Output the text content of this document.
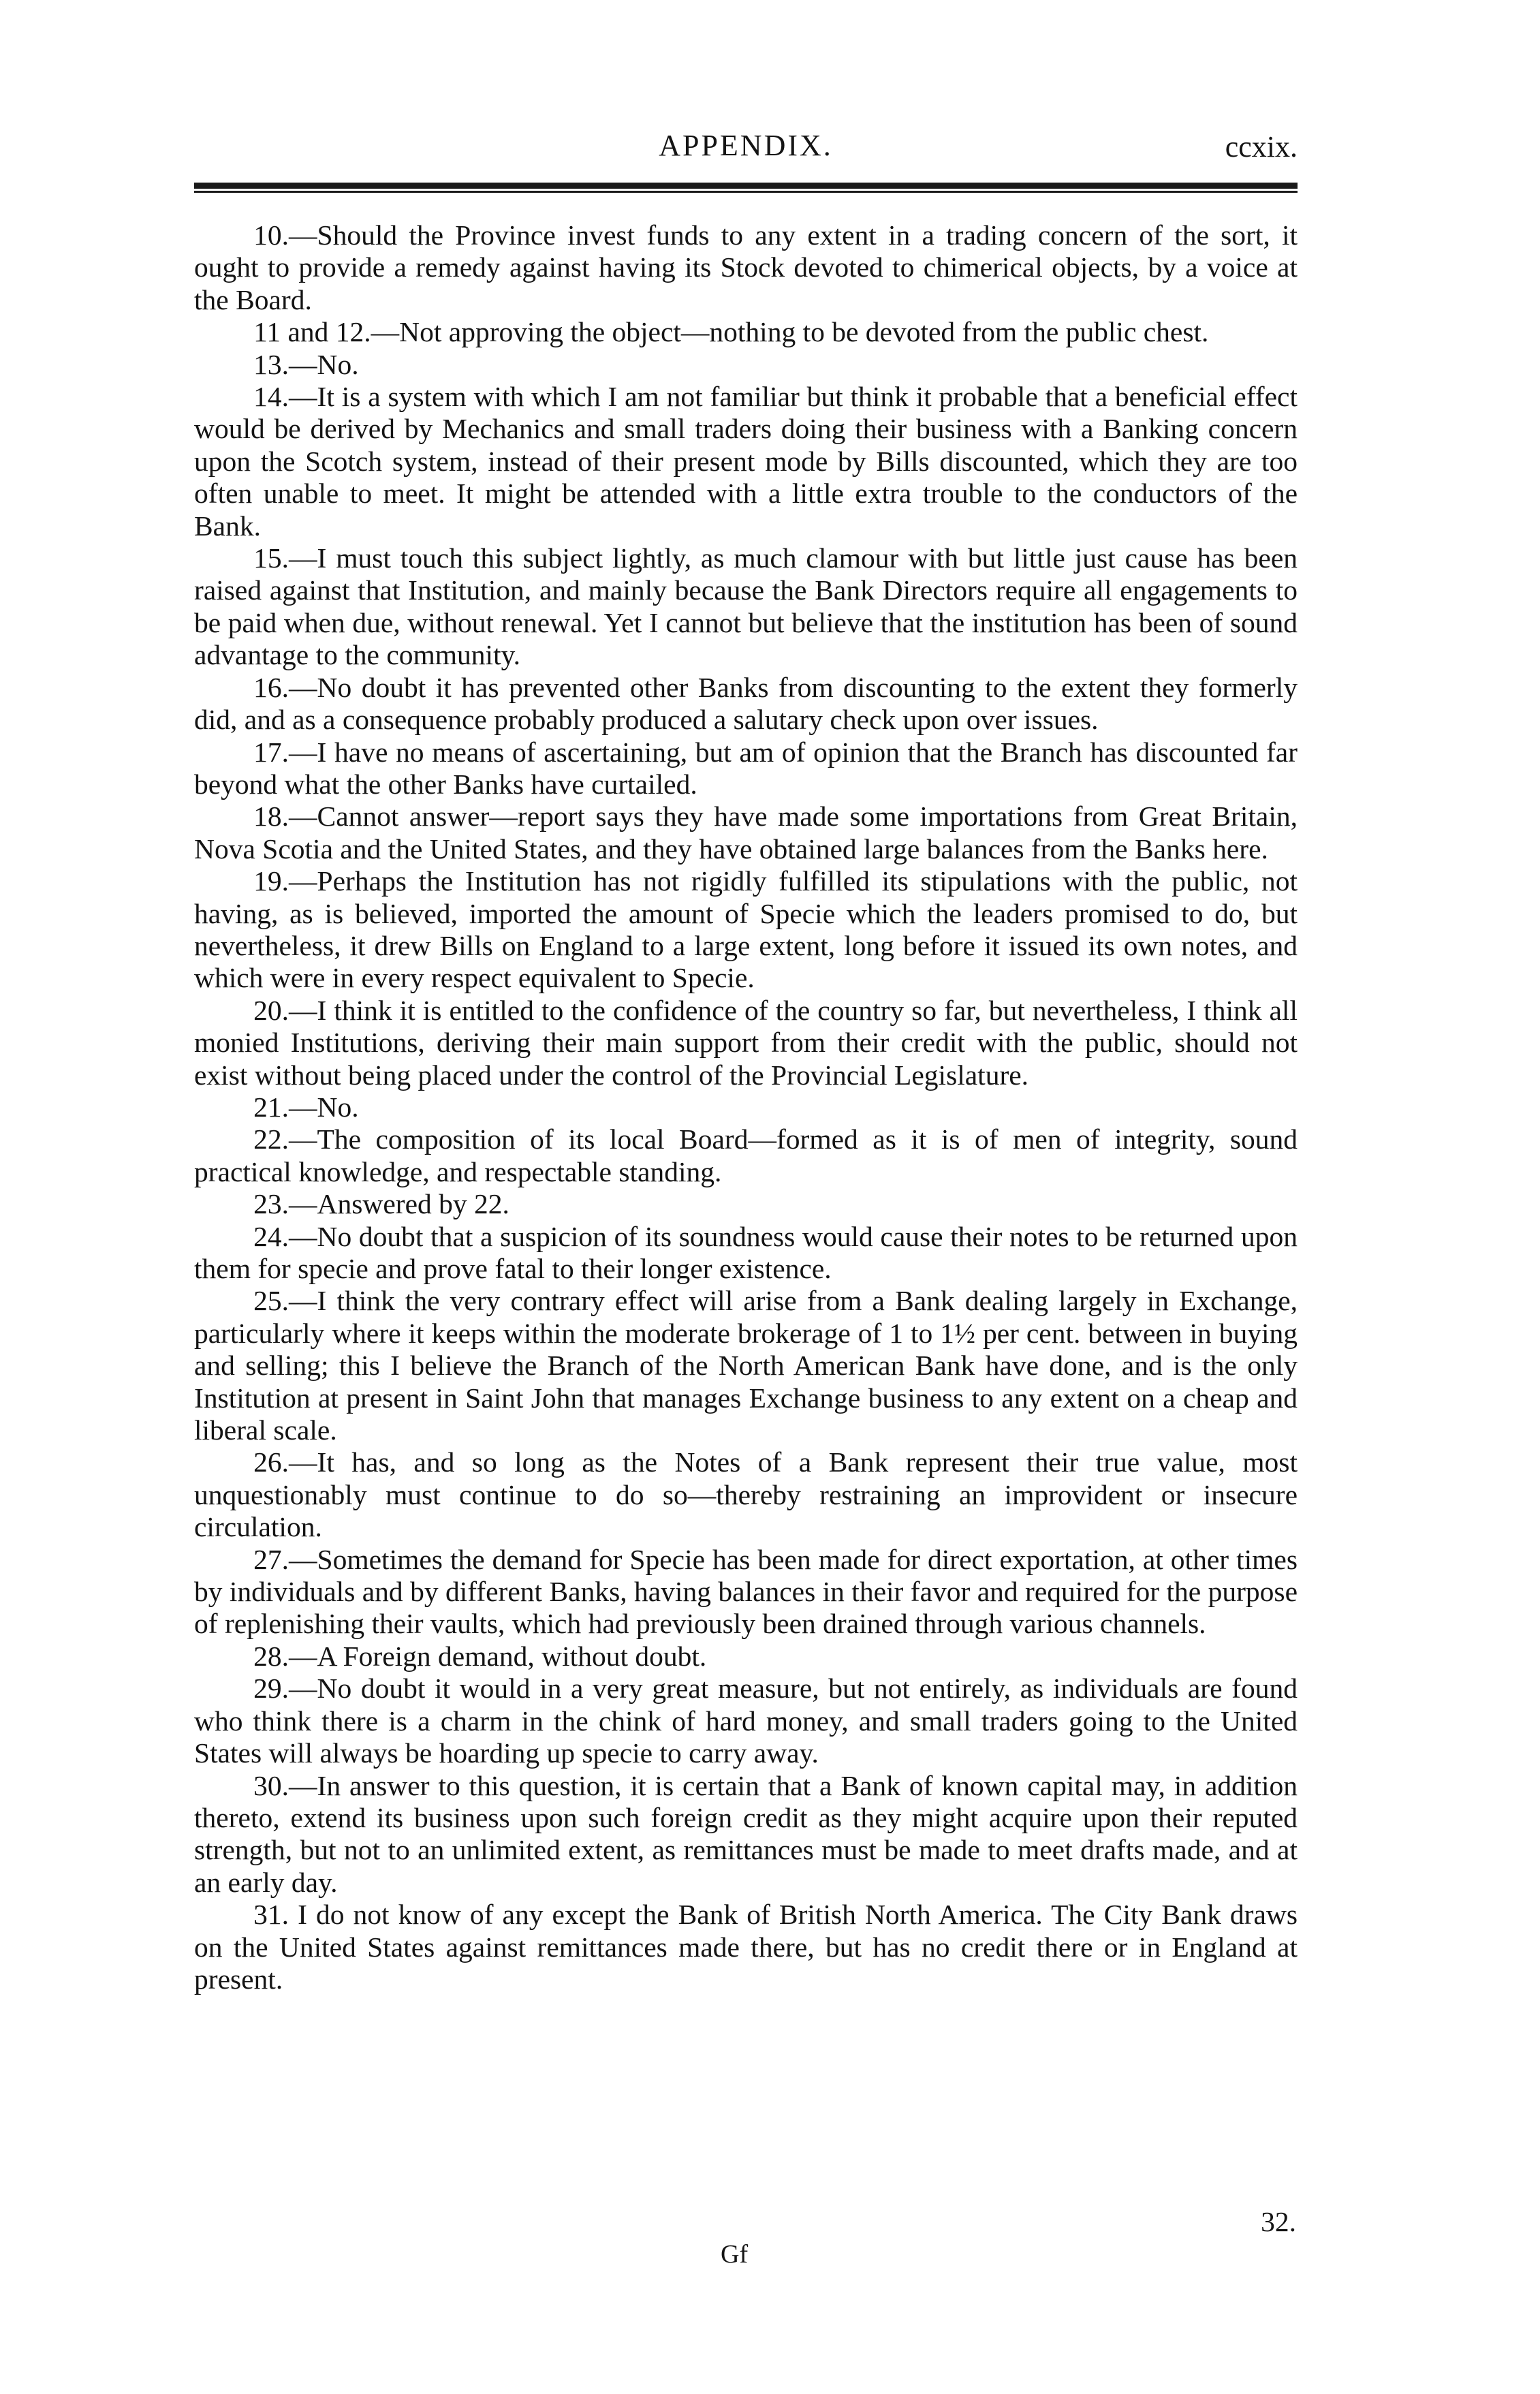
APPENDIX.	ccxix.

10.—Should the Province invest funds to any extent in a trading concern of the sort, it ought to provide a remedy against having its Stock devoted to chimerical objects, by a voice at the Board.

11 and 12.—Not approving the object—nothing to be devoted from the public chest.

13.—No.

14.—It is a system with which I am not familiar but think it probable that a beneficial effect would be derived by Mechanics and small traders doing their business with a Banking concern upon the Scotch system, instead of their present mode by Bills discounted, which they are too often unable to meet. It might be attended with a little extra trouble to the conductors of the Bank.

15.—I must touch this subject lightly, as much clamour with but little just cause has been raised against that Institution, and mainly because the Bank Directors require all engagements to be paid when due, without renewal. Yet I cannot but believe that the institution has been of sound advantage to the community.

16.—No doubt it has prevented other Banks from discounting to the extent they formerly did, and as a consequence probably produced a salutary check upon over issues.

17.—I have no means of ascertaining, but am of opinion that the Branch has discounted far beyond what the other Banks have curtailed.

18.—Cannot answer—report says they have made some importations from Great Britain, Nova Scotia and the United States, and they have obtained large balances from the Banks here.

19.—Perhaps the Institution has not rigidly fulfilled its stipulations with the public, not having, as is believed, imported the amount of Specie which the leaders promised to do, but nevertheless, it drew Bills on England to a large extent, long before it issued its own notes, and which were in every respect equivalent to Specie.

20.—I think it is entitled to the confidence of the country so far, but nevertheless, I think all monied Institutions, deriving their main support from their credit with the public, should not exist without being placed under the control of the Provincial Legislature.

21.—No.

22.—The composition of its local Board—formed as it is of men of integrity, sound practical knowledge, and respectable standing.

23.—Answered by 22.

24.—No doubt that a suspicion of its soundness would cause their notes to be returned upon them for specie and prove fatal to their longer existence.

25.—I think the very contrary effect will arise from a Bank dealing largely in Exchange, particularly where it keeps within the moderate brokerage of 1 to 1½ per cent. between in buying and selling; this I believe the Branch of the North American Bank have done, and is the only Institution at present in Saint John that manages Exchange business to any extent on a cheap and liberal scale.

26.—It has, and so long as the Notes of a Bank represent their true value, most unquestionably must continue to do so—thereby restraining an improvident or insecure circulation.

27.—Sometimes the demand for Specie has been made for direct exportation, at other times by individuals and by different Banks, having balances in their favor and required for the purpose of replenishing their vaults, which had previously been drained through various channels.

28.—A Foreign demand, without doubt.

29.—No doubt it would in a very great measure, but not entirely, as individuals are found who think there is a charm in the chink of hard money, and small traders going to the United States will always be hoarding up specie to carry away.

30.—In answer to this question, it is certain that a Bank of known capital may, in addition thereto, extend its business upon such foreign credit as they might acquire upon their reputed strength, but not to an unlimited extent, as remittances must be made to meet drafts made, and at an early day.

31. I do not know of any except the Bank of British North America. The City Bank draws on the United States against remittances made there, but has no credit there or in England at present.

32.
Gf
